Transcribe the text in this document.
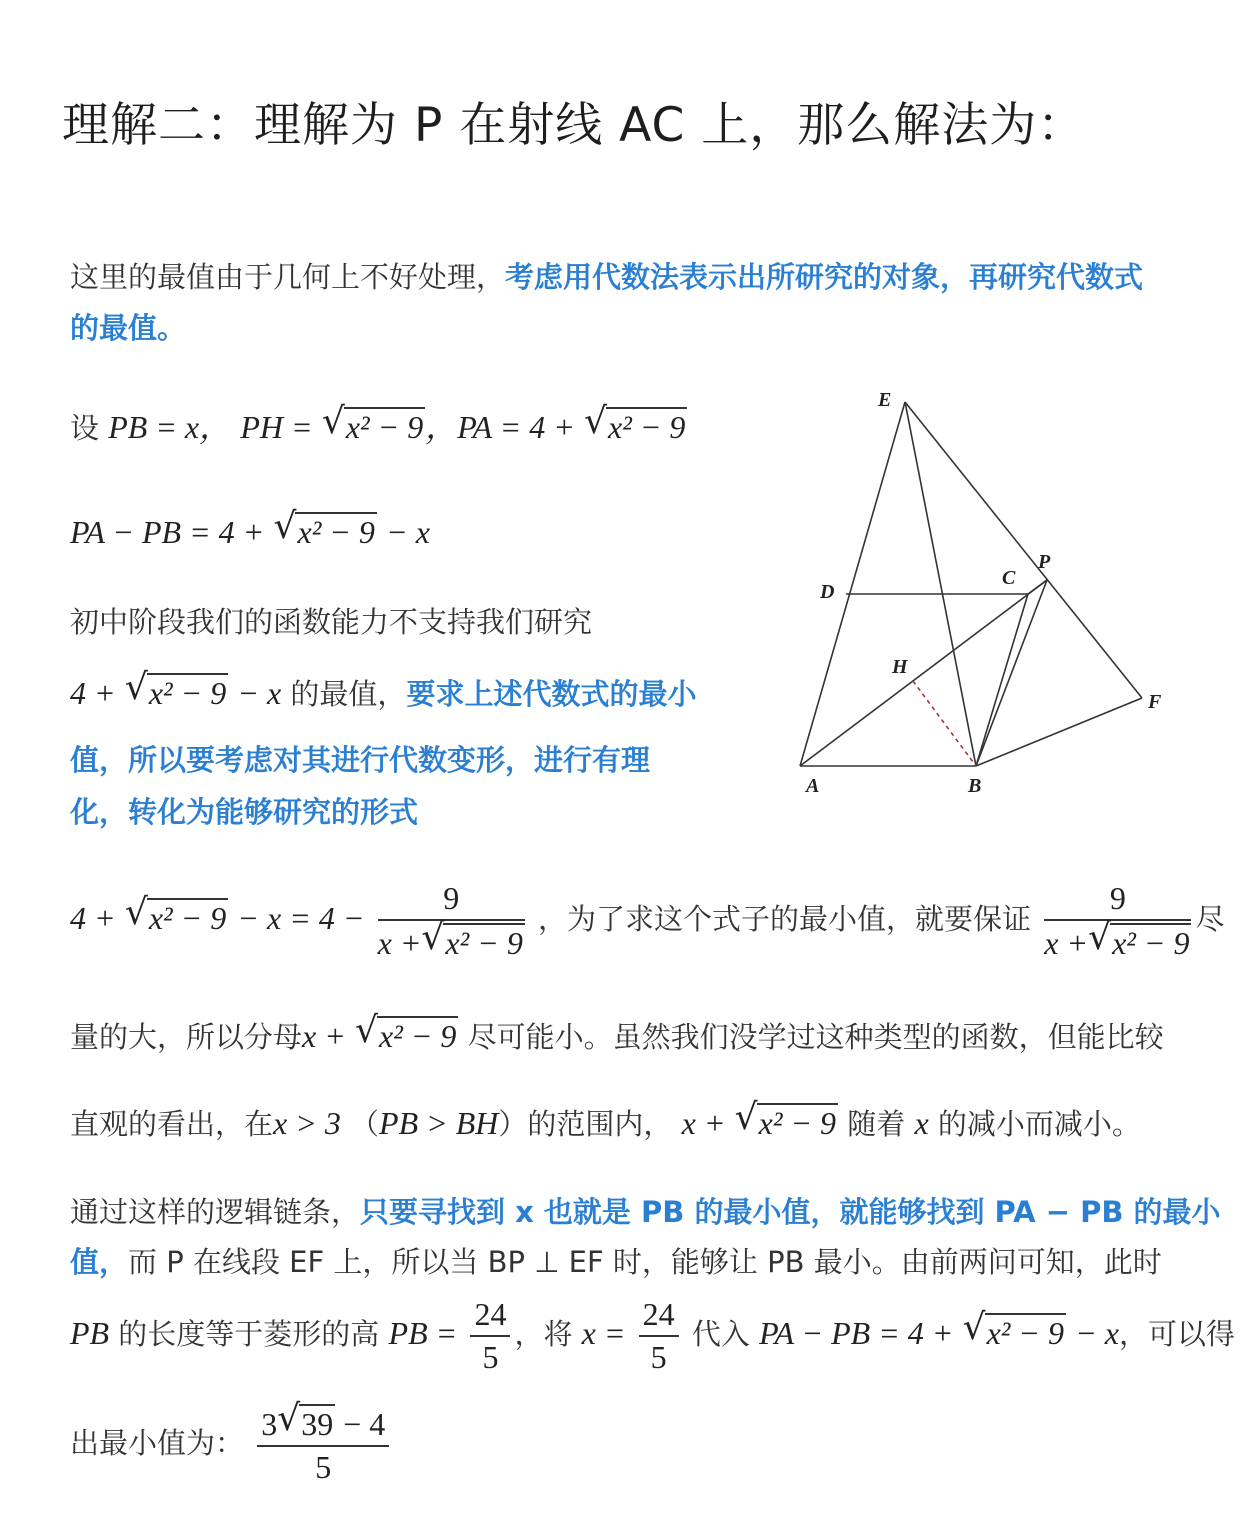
理解二：理解为 P 在射线 AC 上，那么解法为：
这里的最值由于几何上不好处理，考虑用代数法表示出所研究的对象，再研究代数式
的最值。
设 PB = x， PH = √ x² − 9，PA = 4 + √ x² − 9
PA − PB = 4 + √ x² − 9 − x
初中阶段我们的函数能力不支持我们研究
4 + √ x² − 9 − x 的最值，要求上述代数式的最小
值，所以要考虑对其进行代数变形，进行有理
化，转化为能够研究的形式
4 + √ $x^2 - 9 - x = 4 - \frac{9}{\text{x + √ x² − 9}}$ ，为了求这个式子的最小值，就要保证 $\frac{9}{\text{x + √ x² − 9}}$ 尽
量的大，所以分母x + √ x² − 9 尽可能小。虽然我们没学过这种类型的函数，但能比较
直观的看出，在x > 3 （PB > BH）的范围内， x + √ x² − 9 随着 x 的减小而减小。
通过这样的逻辑链条，只要寻找到 x 也就是 PB 的最小值，就能够找到 PA − PB 的最小
值，而 P 在线段 EF 上，所以当 BP ⊥ EF 时，能够让 PB 最小。由前两问可知，此时
PB 的长度等于菱形的高 PB = $\frac{24}{5}$ ，将 $x = \frac{24}{5}$ 代入 PA − PB = 4 + √ x² − 9 − x，可以得
出最小值为： $\frac{3 √ 39 - 4}{5}$
E
D
C
P
H
F
A	B
